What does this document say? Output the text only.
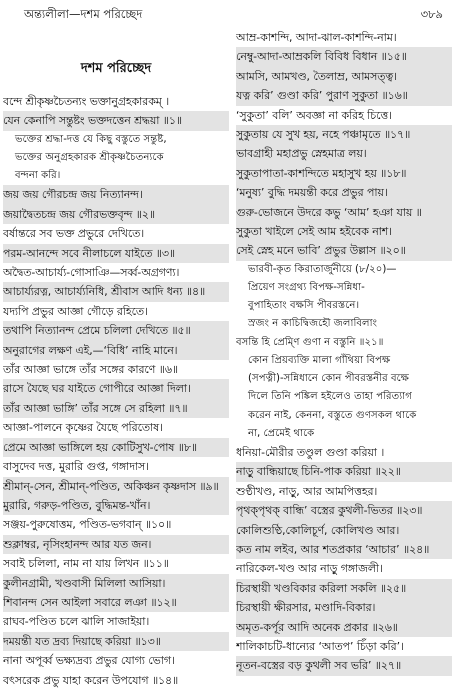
অন্ত্যলীলা—দশম পরিচ্ছেদ	৩৮৯
দশম পরিচ্ছেদ
বন্দে শ্রীকৃষ্ণচৈতন্যং ভক্তানুগ্রহকারকম্ ।
যেন কেনাপি সন্তুষ্টং ভক্তদত্তেন শ্রদ্ধয়া ॥১॥
ভক্তের শ্রদ্ধা-দত্ত যে কিছু বস্তুতে সন্তুষ্ট,
ভক্তের অনুগ্রহকারক শ্রীকৃষ্ণচৈতন্যকে
বন্দনা করি।
জয় জয় গৌরচন্দ্র জয় নিত্যানন্দ।
জয়াদ্বৈতচন্দ্র জয় গৌরভক্তবৃন্দ ॥২॥
বর্ষান্তরে সব ভক্ত প্রভুরে দেখিতে।
পরম-আনন্দে সবে নীলাচলে যাইতে ॥৩॥
অদ্বৈত-আচার্য্য-গোসাঞি—সর্ব্ব-অগ্রগণ্য।
আচার্য্যরত্ন, আচার্য্যনিধি, শ্রীবাস আদি ধন্য ॥৪॥
যদ্যপি প্রভুর আজ্ঞা গৌড়ে রহিতে।
তথাপি নিত্যানন্দ প্রেমে চলিলা দেখিতে ॥৫॥
অনুরাগের লক্ষণ এই,—‘বিধি’ নাহি মানে।
তাঁর আজ্ঞা ভাঙ্গে তাঁর সঙ্গের কারণে ॥৬॥
রাসে যৈছে ঘর যাইতে গোপীরে আজ্ঞা দিলা।
তাঁর আজ্ঞা ভাঙ্গি’ তাঁর সঙ্গে সে রহিলা ॥৭॥
আজ্ঞা-পালনে কৃষ্ণের যৈছে পরিতোষ।
প্রেমে আজ্ঞা ভাঙ্গিলে হয় কোটিসুখ-পোষ ॥৮॥
বাসুদেব দত্ত, মুরারি গুপ্ত, গঙ্গাদাস।
শ্রীমান্‌-সেন, শ্রীমান্‌-পণ্ডিত, অকিঞ্চন কৃষ্ণদাস ॥৯॥
মুরারি, গরুড়-পণ্ডিত, বুদ্ধিমন্ত-খাঁন।
সঞ্জয়-পুরুষোত্তম, পণ্ডিত-ভগবান্‌ ॥১০॥
শুক্লাম্বর, নৃসিংহানন্দ আর যত জন।
সবাই চলিলা, নাম না যায় লিখন ॥১১॥
কুলীনগ্রামী, খণ্ডবাসী মিলিলা আসিয়া।
শিবানন্দ সেন আইলা সবারে লঞা ॥১২॥
রাঘব-পণ্ডিত চলে ঝালি সাজাইয়া।
দময়ন্তী যত দ্রব্য দিয়াছে করিয়া ॥১৩॥
নানা অপূর্ব্ব ভক্ষ্যদ্রব্য প্রভুর যোগ্য ভোগ।
বৎসরেক প্রভু যাহা করেন উপযোগ ॥১৪॥
আম্র-কাশন্দি, আদা-ঝাল-কাশন্দি-নাম।
নেম্বু-আদা-আম্রকলি বিবিধ বিধান ॥১৫॥
আমসি, আমখণ্ড, তৈলাম্র, আমসত্ত্ব।
যত্ন করি’ গুণ্ডা করি’ পুরাণ সুকুতা ॥১৬॥
‘সুকুতা’ বলি’ অবজ্ঞা না করিহ চিত্তে।
সুকুতায় যে সুখ হয়, নহে পঞ্চামৃতে ॥১৭॥
ভাবগ্রাহী মহাপ্রভু স্নেহমাত্র লয়।
সুকুতাপাতা-কাশন্দিতে মহাসুখ হয় ॥১৮॥
‘মনুষ্য’ বুদ্ধি দময়ন্তী করে প্রভুর পায়।
গুরু-ভোজনে উদরে কভু ‘আম’ হঞা যায় ॥
সুকুতা খাইলে সেই আম হইবেক নাশ।
সেই স্নেহ মনে ভাবি’ প্রভুর উল্লাস ॥২০॥
ভারবী-কৃত কিরাতার্জুনীয়ে (৮/২০)—
প্রিয়েণ সংগ্রথ্য বিপক্ষ-সন্নিধা-
বুপাহিতাং বক্ষসি পীবরস্তনে।
স্রজং ন কাচিদ্বিজহৌ জলাবিলাং
বসন্তি হি প্রেম্ণি গুণা ন বস্তুনি ॥২১॥
কোন প্রিয়ব্যক্তি মালা গাঁথিয়া বিপক্ষ
(সপত্নী)-সন্নিধানে কোন পীবরস্তনীর বক্ষে
দিলে তিনি পঙ্কিল হইলেও তাহা পরিত্যাগ
করেন নাই, কেননা, বস্তুতে গুণসকল থাকে
না, প্রেমেই থাকে
ধনিয়া-মৌরীর তণ্ডুল গুণ্ডা করিয়া ।
নাড়ু বান্ধিয়াছে চিনি-পাক করিয়া ॥২২॥
শুণ্ঠীখণ্ড, নাড়ু, আর আমপিত্তহর।
পৃথক্‌পৃথক্‌ বান্ধি’ বস্ত্রের কুথলী-ভিতর ॥২৩॥
কোলিশুণ্ঠি,কোলিচূর্ণ, কোলিখণ্ড আর।
কত নাম লইব, আর শতপ্রকার ‘আচার’ ॥২৪॥
নারিকেল-খণ্ড আর নাড়ু গঙ্গাজলী।
চিরস্থায়ী খণ্ডবিকার করিলা সকলি ॥২৫॥
চিরস্থায়ী ক্ষীরসার, মণ্ডাদি-বিকার।
অমৃত-কর্পূর আদি অনেক প্রকার ॥২৬॥
শালিকাচটি-ধান্যের ‘আতপ’ চিঁড়া করি’।
নূতন-বস্ত্রের বড় কুথলী সব ভরি’ ॥২৭॥
